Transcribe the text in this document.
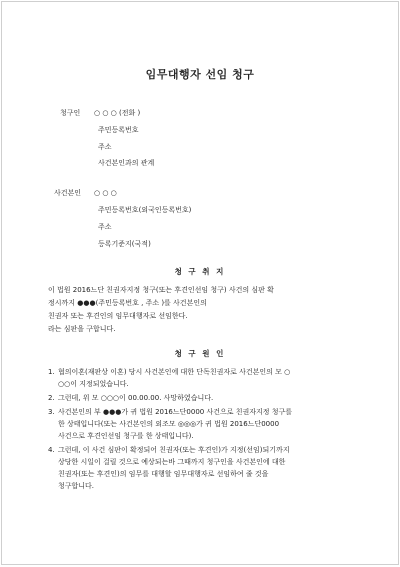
임무대행자 선임 청구
청구인 ○ ○ ○ (전화 )
주민등록번호
주소
사건본인과의 관계
사건본인 ○ ○ ○
주민등록번호(외국인등록번호)
주소
등록기준지(국적)
청 구 취 지
이 법원 2016느단 친권자지정 청구(또는 후견인선임 청구) 사건의 심판 확
정시까지 ●●●(주민등록번호 , 주소 )를 사건본인의
친권자 또는 후견인의 임무대행자로 선임한다.
라는 심판을 구합니다.
청 구 원 인
1. 협의이혼(재판상 이혼) 당시 사건본인에 대한 단독친권자로 사건본인의 모 ○
○○이 지정되었습니다.
2. 그런데, 위 모 ○○○이 00.00.00. 사망하였습니다.
3. 사건본인의 부 ●●●가 귀 법원 2016느단0000 사건으로 친권자지정 청구를
한 상태입니다(또는 사건본인의 외조모 ◎◎◎가 귀 법원 2016느단0000
사건으로 후견인선임 청구를 한 상태입니다).
4. 그런데, 이 사건 심판이 확정되어 친권자(또는 후견인)가 지정(선임)되기까지
상당한 시일이 걸릴 것으로 예상되는바 그때까지 청구인을 사건본인에 대한
친권자(또는 후견인)의 임무를 대행할 임무대행자로 선임하여 줄 것을
청구합니다.
